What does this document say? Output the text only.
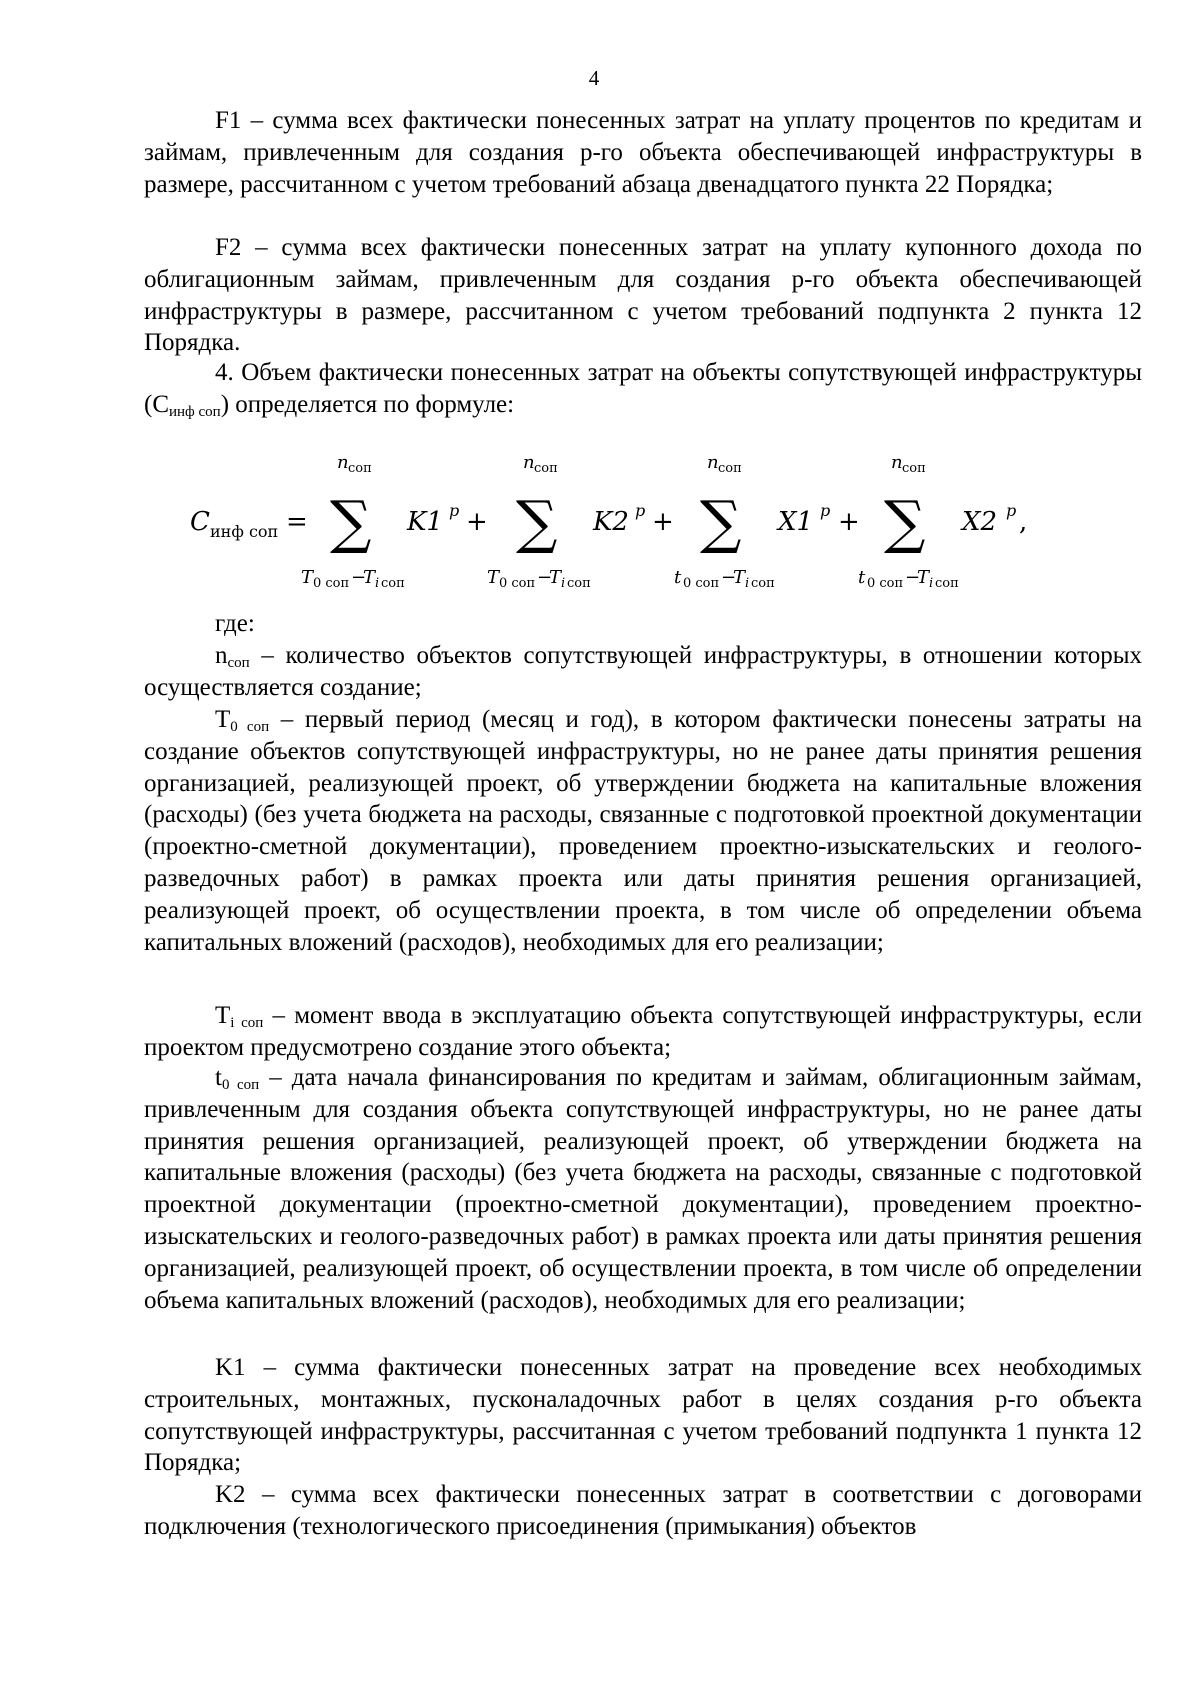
4

F1 – сумма всех фактически понесенных затрат на уплату процентов по кредитам и займам, привлеченным для создания p-го объекта обеспечивающей инфраструктуры в размере, рассчитанном с учетом требований абзаца двенадцатого пункта 22 Порядка;

F2 – сумма всех фактически понесенных затрат на уплату купонного дохода по облигационным займам, привлеченным для создания p-го объекта обеспечивающей инфраструктуры в размере, рассчитанном с учетом требований подпункта 2 пункта 12 Порядка.

4. Объем фактически понесенных затрат на объекты сопутствующей инфраструктуры $(С_{инф соп})$ определяется по формуле:

C инф соп =
n соп
∑
T 0 соп −
T i соп
K1 p +
n соп
∑
T 0 соп −
T i соп
K2 p +
n соп
∑
t 0 соп −
T i соп
X1 p +
n соп
∑
t 0 соп −
T i соп
X2 p ,

где:

$n_{соп}$ – количество объектов сопутствующей инфраструктуры, в отношении которых осуществляется создание;

$T_{0 соп}$ – первый период (месяц и год), в котором фактически понесены затраты на создание объектов сопутствующей инфраструктуры, но не ранее даты принятия решения организацией, реализующей проект, об утверждении бюджета на капитальные вложения (расходы) (без учета бюджета на расходы, связанные с подготовкой проектной документации (проектно-сметной документации), проведением проектно-изыскательских и геолого-разведочных работ) в рамках проекта или даты принятия решения организацией, реализующей проект, об осуществлении проекта, в том числе об определении объема капитальных вложений (расходов), необходимых для его реализации;

$T_{i соп}$ – момент ввода в эксплуатацию объекта сопутствующей инфраструктуры, если проектом предусмотрено создание этого объекта;

$t_{0 соп}$ – дата начала финансирования по кредитам и займам, облигационным займам, привлеченным для создания объекта сопутствующей инфраструктуры, но не ранее даты принятия решения организацией, реализующей проект, об утверждении бюджета на капитальные вложения (расходы) (без учета бюджета на расходы, связанные с подготовкой проектной документации (проектно-сметной документации), проведением проектно-изыскательских и геолого-разведочных работ) в рамках проекта или даты принятия решения организацией, реализующей проект, об осуществлении проекта, в том числе об определении объема капитальных вложений (расходов), необходимых для его реализации;

K1 – сумма фактически понесенных затрат на проведение всех необходимых строительных, монтажных, пусконаладочных работ в целях создания p-го объекта сопутствующей инфраструктуры, рассчитанная с учетом требований подпункта 1 пункта 12 Порядка;

K2 – сумма всех фактически понесенных затрат в соответствии с договорами подключения (технологического присоединения (примыкания) объектов
